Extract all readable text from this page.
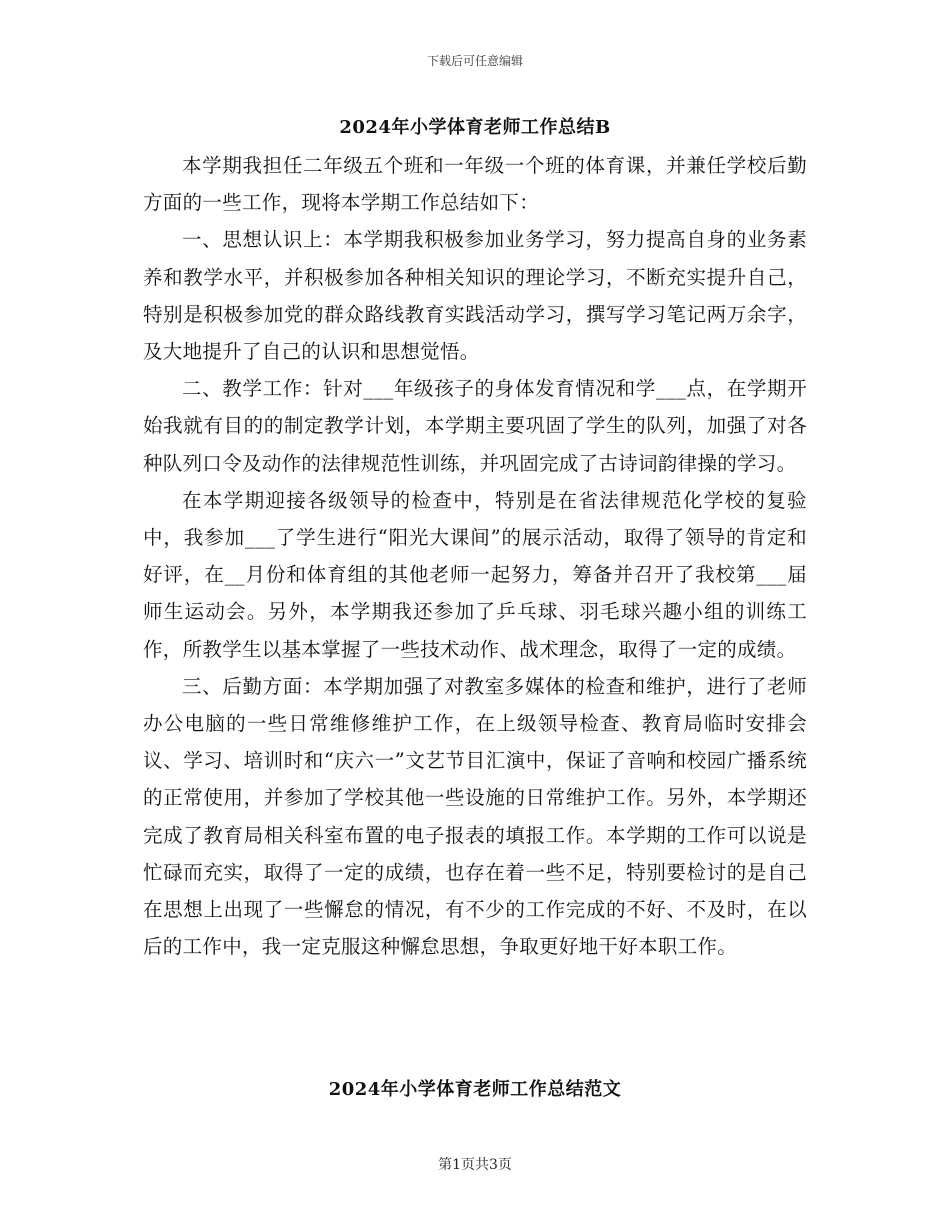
下载后可任意编辑
2024年小学体育老师工作总结B

本学期我担任二年级五个班和一年级一个班的体育课，并兼任学校后勤方面的一些工作，现将本学期工作总结如下：

一、思想认识上：本学期我积极参加业务学习，努力提高自身的业务素养和教学水平，并积极参加各种相关知识的理论学习，不断充实提升自己，特别是积极参加党的群众路线教育实践活动学习，撰写学习笔记两万余字，及大地提升了自己的认识和思想觉悟。

二、教学工作：针对___年级孩子的身体发育情况和学___点，在学期开始我就有目的的制定教学计划，本学期主要巩固了学生的队列，加强了对各种队列口令及动作的法律规范性训练，并巩固完成了古诗词韵律操的学习。

在本学期迎接各级领导的检查中，特别是在省法律规范化学校的复验中，我参加___了学生进行“阳光大课间”的展示活动，取得了领导的肯定和好评，在__月份和体育组的其他老师一起努力，筹备并召开了我校第___届师生运动会。另外，本学期我还参加了乒乓球、羽毛球兴趣小组的训练工作，所教学生以基本掌握了一些技术动作、战术理念，取得了一定的成绩。

三、后勤方面：本学期加强了对教室多媒体的检查和维护，进行了老师办公电脑的一些日常维修维护工作，在上级领导检查、教育局临时安排会议、学习、培训时和“庆六一”文艺节目汇演中，保证了音响和校园广播系统的正常使用，并参加了学校其他一些设施的日常维护工作。另外，本学期还完成了教育局相关科室布置的电子报表的填报工作。本学期的工作可以说是忙碌而充实，取得了一定的成绩，也存在着一些不足，特别要检讨的是自己在思想上出现了一些懈怠的情况，有不少的工作完成的不好、不及时，在以后的工作中，我一定克服这种懈怠思想，争取更好地干好本职工作。

2024年小学体育老师工作总结范文
第1页共3页
